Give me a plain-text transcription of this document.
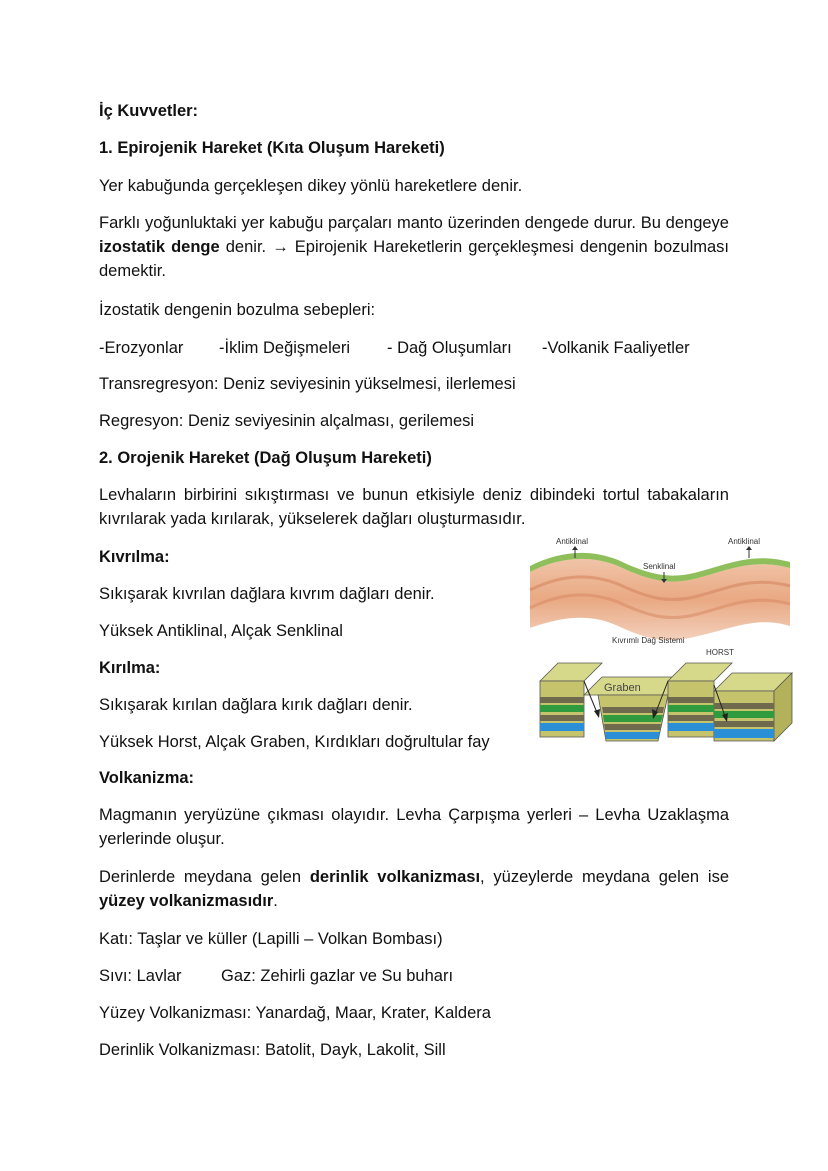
İç Kuvvetler:

1. Epirojenik Hareket (Kıta Oluşum Hareketi)

Yer kabuğunda gerçekleşen dikey yönlü hareketlere denir.

Farklı yoğunluktaki yer kabuğu parçaları manto üzerinden dengede durur. Bu dengeye izostatik denge denir. → Epirojenik Hareketlerin gerçekleşmesi dengenin bozulması demektir.

İzostatik dengenin bozulma sebepleri:

-Erozyonlar -İklim Değişmeleri - Dağ Oluşumları -Volkanik Faaliyetler

Transregresyon: Deniz seviyesinin yükselmesi, ilerlemesi

Regresyon: Deniz seviyesinin alçalması, gerilemesi

2. Orojenik Hareket (Dağ Oluşum Hareketi)

Levhaların birbirini sıkıştırması ve bunun etkisiyle deniz dibindeki tortul tabakaların kıvrılarak yada kırılarak, yükselerek dağları oluşturmasıdır.

Kıvrılma:

Sıkışarak kıvrılan dağlara kıvrım dağları denir.

Yüksek Antiklinal, Alçak Senklinal

Kırılma:

Sıkışarak kırılan dağlara kırık dağları denir.

Yüksek Horst, Alçak Graben, Kırdıkları doğrultular fay

Volkanizma:

Magmanın yeryüzüne çıkması olayıdır. Levha Çarpışma yerleri – Levha Uzaklaşma yerlerinde oluşur.

Derinlerde meydana gelen derinlik volkanizması, yüzeylerde meydana gelen ise yüzey volkanizmasıdır.

Katı: Taşlar ve küller (Lapilli – Volkan Bombası)

Sıvı: Lavlar Gaz: Zehirli gazlar ve Su buharı

Yüzey Volkanizması: Yanardağ, Maar, Krater, Kaldera

Derinlik Volkanizması: Batolit, Dayk, Lakolit, Sill

Antiklinal	Antiklinal
Senklinal
Kıvrımlı Dağ Sistemi
HORST
Graben
